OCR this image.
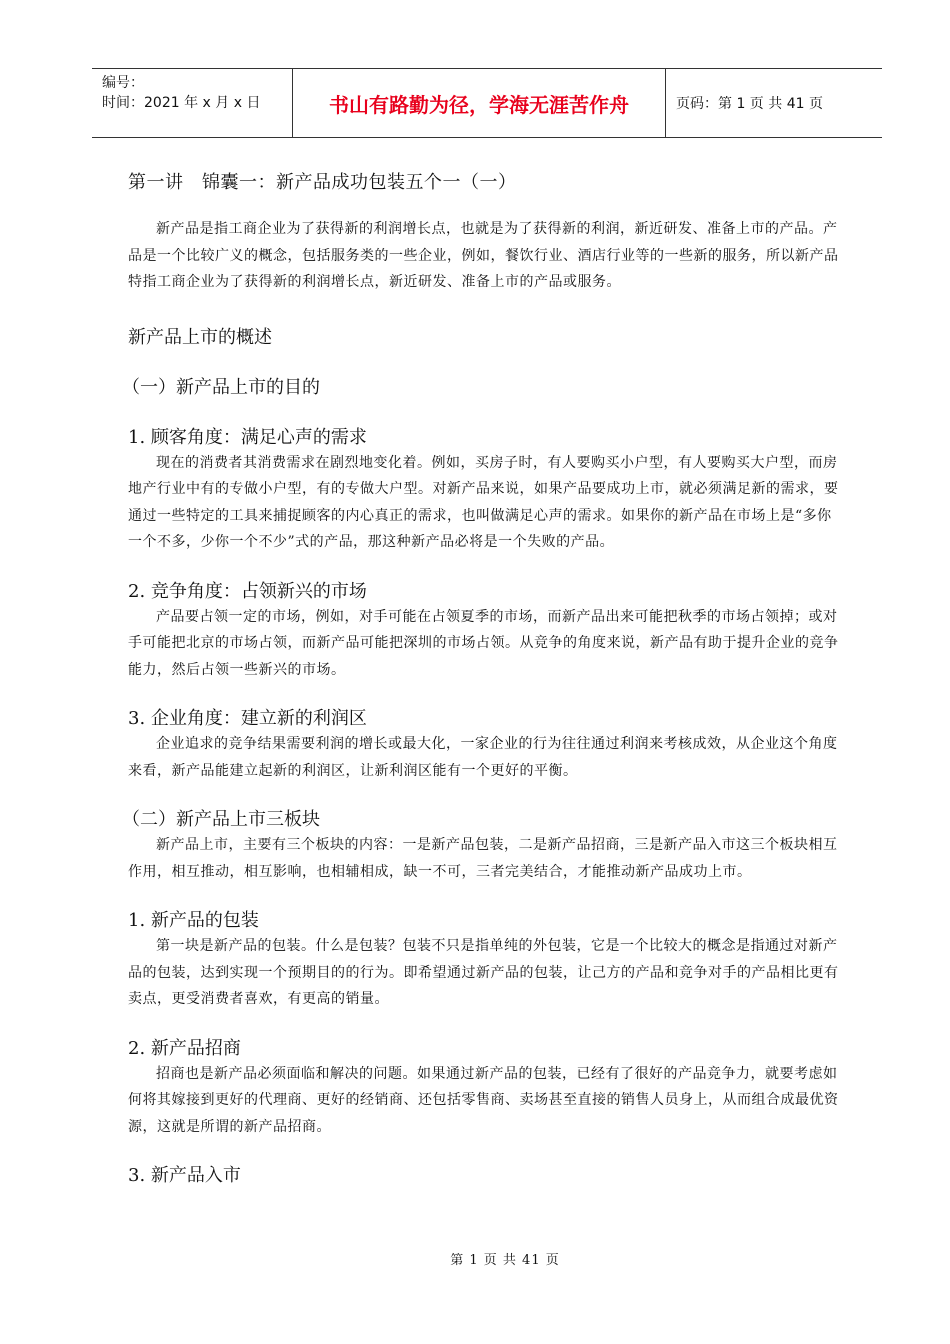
编号：
时间：2021 年 x 月 x 日	书山有路勤为径，学海无涯苦作舟	页码：第 1 页 共 41 页
第一讲　锦囊一：新产品成功包装五个一（一）

新产品是指工商企业为了获得新的利润增长点，也就是为了获得新的利润，新近研发、准备上市的产品。产品是一个比较广义的概念，包括服务类的一些企业，例如，餐饮行业、酒店行业等的一些新的服务，所以新产品特指工商企业为了获得新的利润增长点，新近研发、准备上市的产品或服务。

新产品上市的概述
（一）新产品上市的目的
1. 顾客角度：满足心声的需求

现在的消费者其消费需求在剧烈地变化着。例如，买房子时，有人要购买小户型，有人要购买大户型，而房地产行业中有的专做小户型，有的专做大户型。对新产品来说，如果产品要成功上市，就必须满足新的需求，要通过一些特定的工具来捕捉顾客的内心真正的需求，也叫做满足心声的需求。如果你的新产品在市场上是“多你一个不多，少你一个不少”式的产品，那这种新产品必将是一个失败的产品。

2. 竞争角度：占领新兴的市场

产品要占领一定的市场，例如，对手可能在占领夏季的市场，而新产品出来可能把秋季的市场占领掉；或对手可能把北京的市场占领，而新产品可能把深圳的市场占领。从竞争的角度来说，新产品有助于提升企业的竞争能力，然后占领一些新兴的市场。

3. 企业角度：建立新的利润区

企业追求的竞争结果需要利润的增长或最大化，一家企业的行为往往通过利润来考核成效，从企业这个角度来看，新产品能建立起新的利润区，让新利润区能有一个更好的平衡。

（二）新产品上市三板块

新产品上市，主要有三个板块的内容：一是新产品包装，二是新产品招商，三是新产品入市这三个板块相互作用，相互推动，相互影响，也相辅相成，缺一不可，三者完美结合，才能推动新产品成功上市。

1. 新产品的包装

第一块是新产品的包装。什么是包装？包装不只是指单纯的外包装，它是一个比较大的概念是指通过对新产品的包装，达到实现一个预期目的的行为。即希望通过新产品的包装，让己方的产品和竞争对手的产品相比更有卖点，更受消费者喜欢，有更高的销量。

2. 新产品招商

招商也是新产品必须面临和解决的问题。如果通过新产品的包装，已经有了很好的产品竞争力，就要考虑如何将其嫁接到更好的代理商、更好的经销商、还包括零售商、卖场甚至直接的销售人员身上，从而组合成最优资源，这就是所谓的新产品招商。

3. 新产品入市
第 1 页 共 41 页
